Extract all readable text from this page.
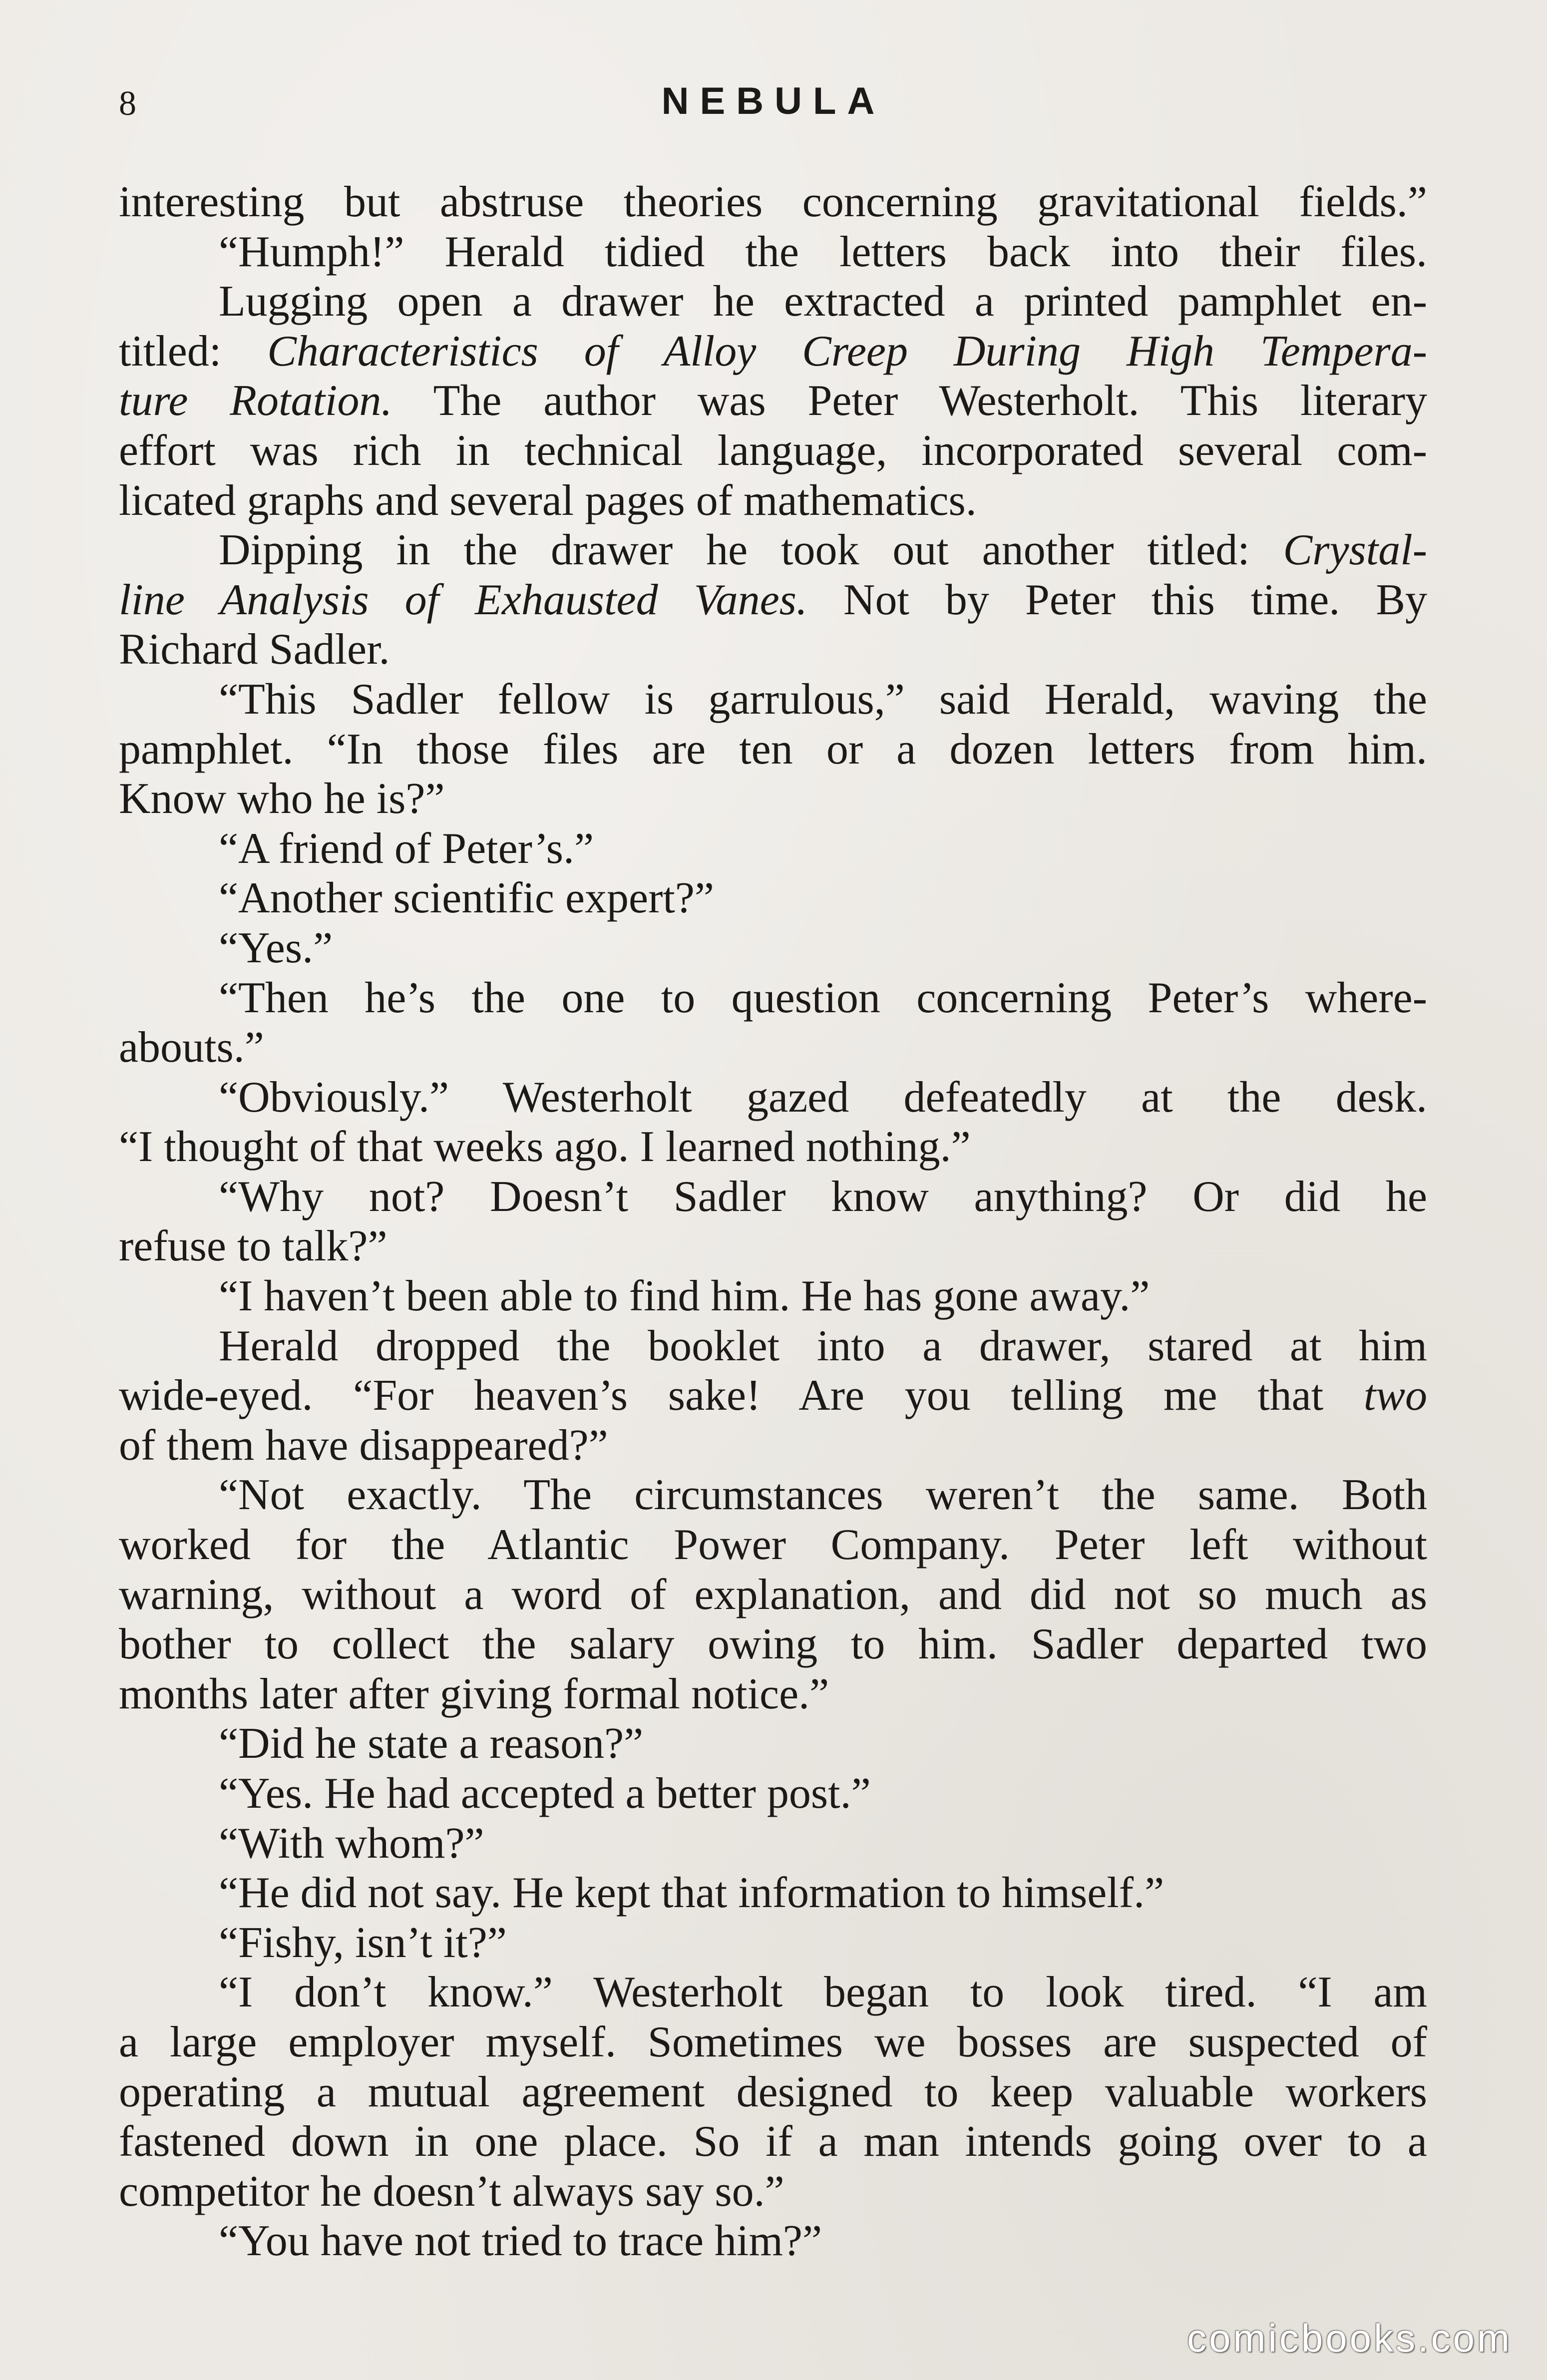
8	NEBULA
interesting but abstruse theories concerning gravitational fields.”
“Humph!” Herald tidied the letters back into their files.
Lugging open a drawer he extracted a printed pamphlet en-
titled: Characteristics of Alloy Creep During High Tempera-
ture Rotation. The author was Peter Westerholt. This literary
effort was rich in technical language, incorporated several com-
licated graphs and several pages of mathematics.
Dipping in the drawer he took out another titled: Crystal-
line Analysis of Exhausted Vanes. Not by Peter this time. By
Richard Sadler.
“This Sadler fellow is garrulous,” said Herald, waving the
pamphlet. “In those files are ten or a dozen letters from him.
Know who he is?”
“A friend of Peter’s.”
“Another scientific expert?”
“Yes.”
“Then he’s the one to question concerning Peter’s where-
abouts.”
“Obviously.” Westerholt gazed defeatedly at the desk.
“I thought of that weeks ago. I learned nothing.”
“Why not? Doesn’t Sadler know anything? Or did he
refuse to talk?”
“I haven’t been able to find him. He has gone away.”
Herald dropped the booklet into a drawer, stared at him
wide-eyed. “For heaven’s sake! Are you telling me that two
of them have disappeared?”
“Not exactly. The circumstances weren’t the same. Both
worked for the Atlantic Power Company. Peter left without
warning, without a word of explanation, and did not so much as
bother to collect the salary owing to him. Sadler departed two
months later after giving formal notice.”
“Did he state a reason?”
“Yes. He had accepted a better post.”
“With whom?”
“He did not say. He kept that information to himself.”
“Fishy, isn’t it?”
“I don’t know.” Westerholt began to look tired. “I am
a large employer myself. Sometimes we bosses are suspected of
operating a mutual agreement designed to keep valuable workers
fastened down in one place. So if a man intends going over to a
competitor he doesn’t always say so.”
“You have not tried to trace him?”
comicbooks.com
